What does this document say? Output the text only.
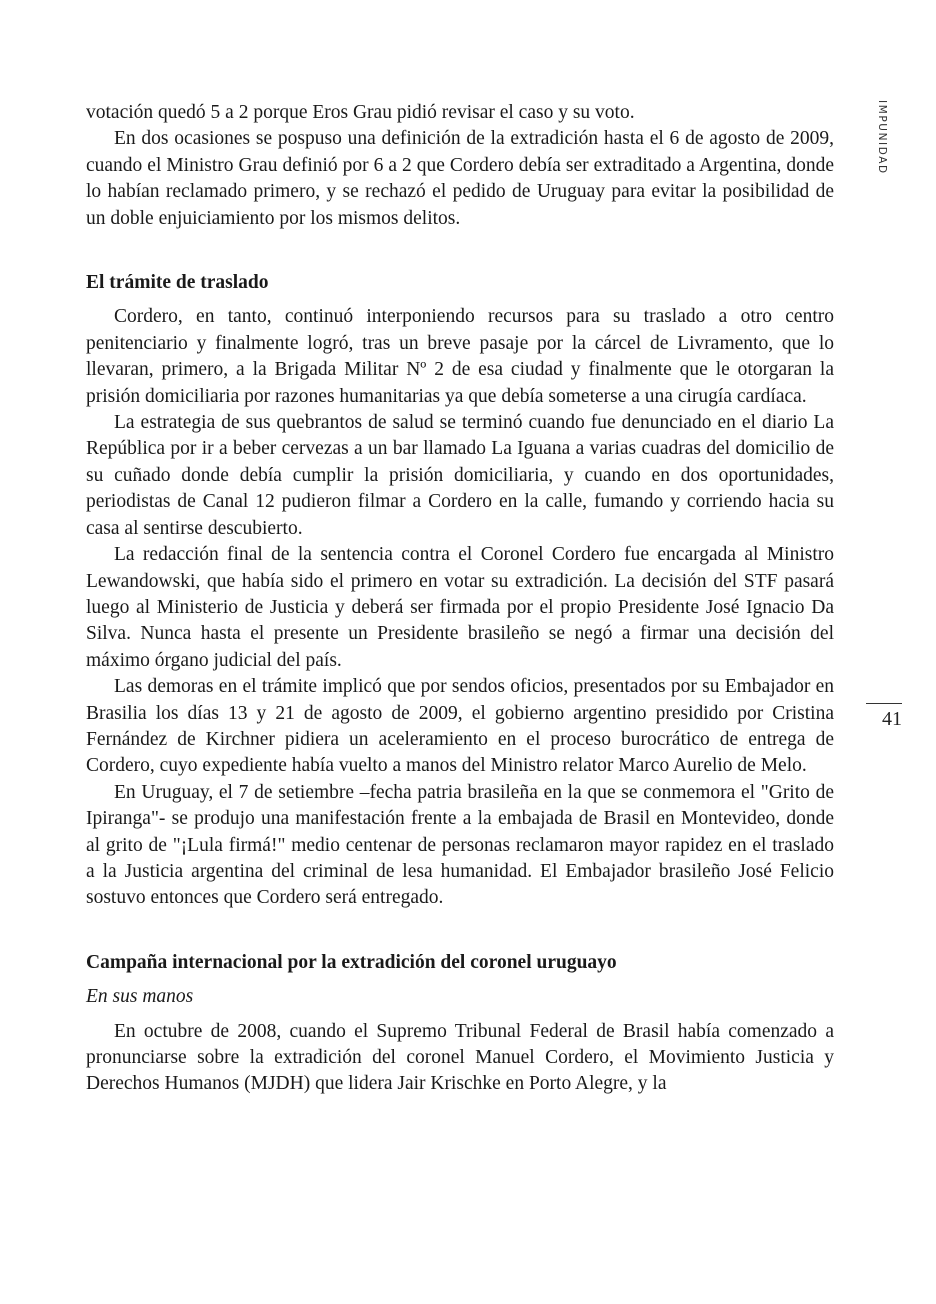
IMPUNIDAD
41

votación quedó 5 a 2 porque Eros Grau pidió revisar el caso y su voto.

En dos ocasiones se pospuso una definición de la extradición hasta el 6 de agosto de 2009, cuando el Ministro Grau definió por 6 a 2 que Cordero debía ser extraditado a Argentina, donde lo habían reclamado primero, y se rechazó el pedido de Uruguay para evitar la posibilidad de un doble enjuiciamiento por los mismos delitos.

El trámite de traslado

Cordero, en tanto, continuó interponiendo recursos para su traslado a otro centro penitenciario y finalmente logró, tras un breve pasaje por la cárcel de Livramento, que lo llevaran, primero, a la Brigada Militar Nº 2 de esa ciudad y finalmente que le otorgaran la prisión domiciliaria por razones humanitarias ya que debía someterse a una cirugía cardíaca.

La estrategia de sus quebrantos de salud se terminó cuando fue denunciado en el diario La República por ir a beber cervezas a un bar llamado La Iguana a varias cuadras del domicilio de su cuñado donde debía cumplir la prisión domiciliaria, y cuando en dos oportunidades, periodistas de Canal 12 pudieron filmar a Cordero en la calle, fumando y corriendo hacia su casa al sentirse descubierto.

La redacción final de la sentencia contra el Coronel Cordero fue encargada al Ministro Lewandowski, que había sido el primero en votar su extradición. La decisión del STF pasará luego al Ministerio de Justicia y deberá ser firmada por el propio Presidente José Ignacio Da Silva. Nunca hasta el presente un Presidente brasileño se negó a firmar una decisión del máximo órgano judicial del país.

Las demoras en el trámite implicó que por sendos oficios, presentados por su Embajador en Brasilia los días 13 y 21 de agosto de 2009, el gobierno argentino presidido por Cristina Fernández de Kirchner pidiera un aceleramiento en el proceso burocrático de entrega de Cordero, cuyo expediente había vuelto a manos del Ministro relator Marco Aurelio de Melo.

En Uruguay, el 7 de setiembre –fecha patria brasileña en la que se conmemora el "Grito de Ipiranga"- se produjo una manifestación frente a la embajada de Brasil en Montevideo, donde al grito de "¡Lula firmá!" medio centenar de personas reclamaron mayor rapidez en el traslado a la Justicia argentina del criminal de lesa humanidad. El Embajador brasileño José Felicio sostuvo entonces que Cordero será entregado.

Campaña internacional por la extradición del coronel uruguayo
En sus manos

En octubre de 2008, cuando el Supremo Tribunal Federal de Brasil había comenzado a pronunciarse sobre la extradición del coronel Manuel Cordero, el Movimiento Justicia y Derechos Humanos (MJDH) que lidera Jair Krischke en Porto Alegre, y la
